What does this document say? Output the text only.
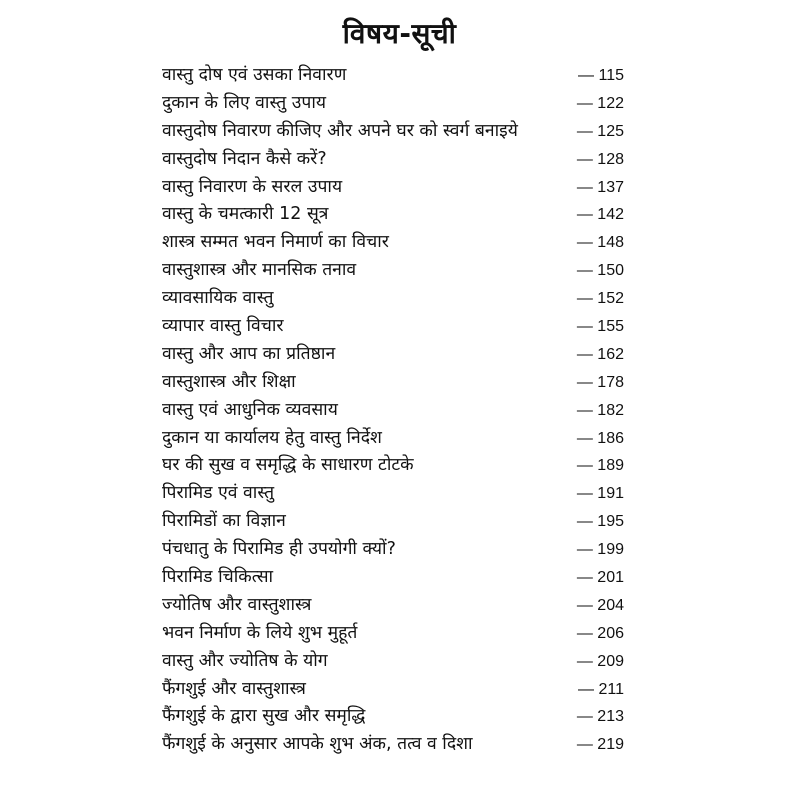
विषय-सूची
वास्तु दोष एवं उसका निवारण	— 115
दुकान के लिए वास्तु उपाय	— 122
वास्तुदोष निवारण कीजिए और अपने घर को स्वर्ग बनाइये	— 125
वास्तुदोष निदान कैसे करें?	— 128
वास्तु निवारण के सरल उपाय	— 137
वास्तु के चमत्कारी 12 सूत्र	— 142
शास्त्र सम्मत भवन निमार्ण का विचार	— 148
वास्तुशास्त्र और मानसिक तनाव	— 150
व्यावसायिक वास्तु	— 152
व्यापार वास्तु विचार	— 155
वास्तु और आप का प्रतिष्ठान	— 162
वास्तुशास्त्र और शिक्षा	— 178
वास्तु एवं आधुनिक व्यवसाय	— 182
दुकान या कार्यालय हेतु वास्तु निर्देश	— 186
घर की सुख व समृद्धि के साधारण टोटके	— 189
पिरामिड एवं वास्तु	— 191
पिरामिडों का विज्ञान	— 195
पंचधातु के पिरामिड ही उपयोगी क्यों?	— 199
पिरामिड चिकित्सा	— 201
ज्योतिष और वास्तुशास्त्र	— 204
भवन निर्माण के लिये शुभ मुहूर्त	— 206
वास्तु और ज्योतिष के योग	— 209
फैंगशुई और वास्तुशास्त्र	— 211
फैंगशुई के द्वारा सुख और समृद्धि	— 213
फैंगशुई के अनुसार आपके शुभ अंक, तत्व व दिशा	— 219
